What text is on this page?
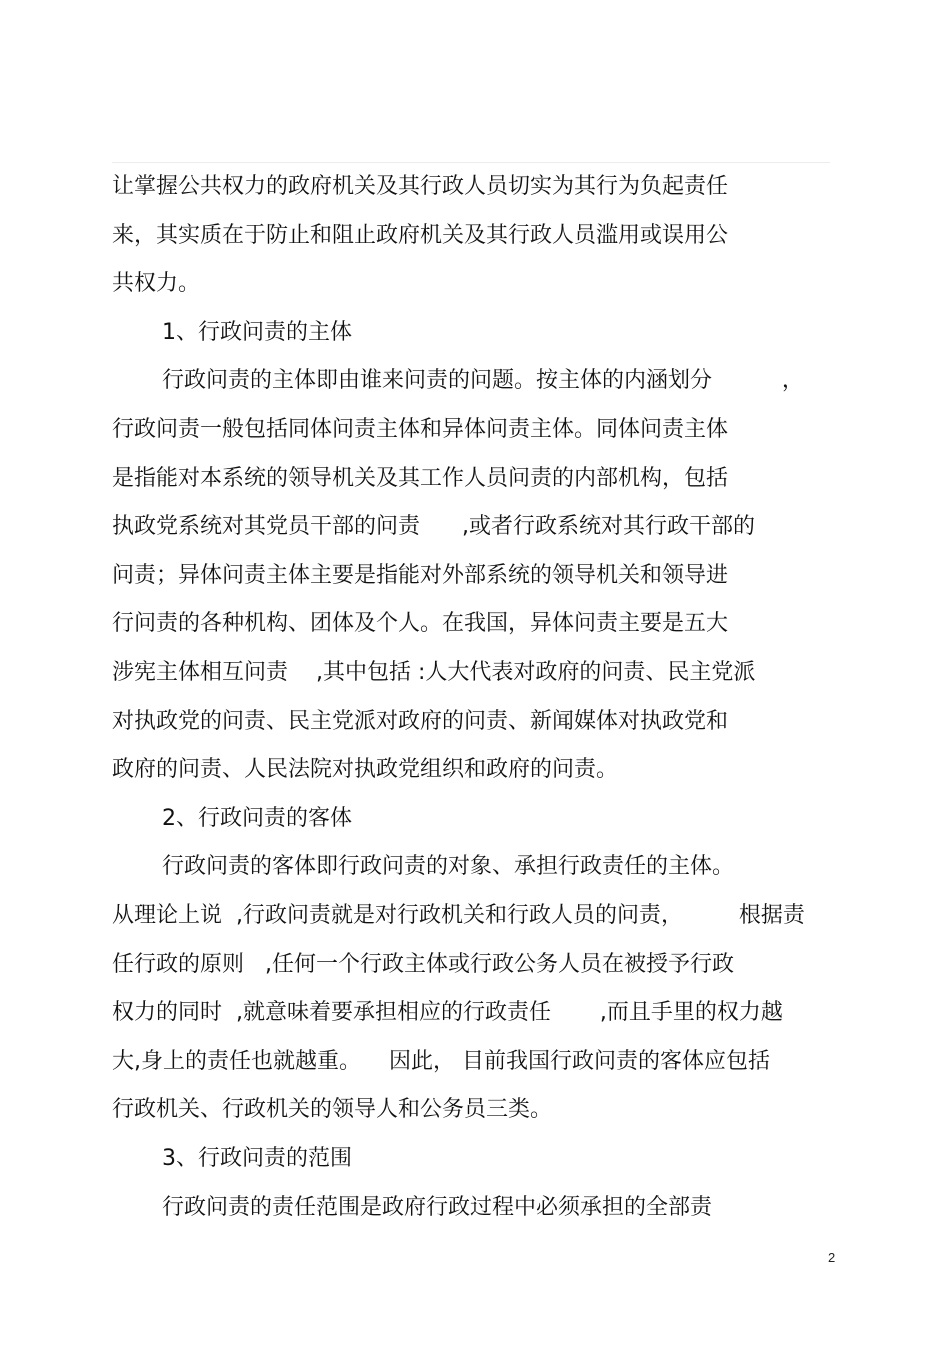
让掌握公共权力的政府机关及其行政人员切实为其行为负起责任

来，其实质在于防止和阻止政府机关及其行政人员滥用或误用公

共权力。

1、行政问责的主体

行政问责的主体即由谁来问责的问题。按主体的内涵划分          ，

行政问责一般包括同体问责主体和异体问责主体。同体问责主体

是指能对本系统的领导机关及其工作人员问责的内部机构，包括

执政党系统对其党员干部的问责      ,或者行政系统对其行政干部的

问责；异体问责主体主要是指能对外部系统的领导机关和领导进

行问责的各种机构、团体及个人。在我国，异体问责主要是五大

涉宪主体相互问责    ,其中包括 :人大代表对政府的问责、民主党派

对执政党的问责、民主党派对政府的问责、新闻媒体对执政党和

政府的问责、人民法院对执政党组织和政府的问责。

2、行政问责的客体

行政问责的客体即行政问责的对象、承担行政责任的主体。

从理论上说  ,行政问责就是对行政机关和行政人员的问责，        根据责

任行政的原则   ,任何一个行政主体或行政公务人员在被授予行政

权力的同时  ,就意味着要承担相应的行政责任       ,而且手里的权力越

大,身上的责任也就越重。    因此， 目前我国行政问责的客体应包括

行政机关、行政机关的领导人和公务员三类。

3、行政问责的范围

行政问责的责任范围是政府行政过程中必须承担的全部责

2
